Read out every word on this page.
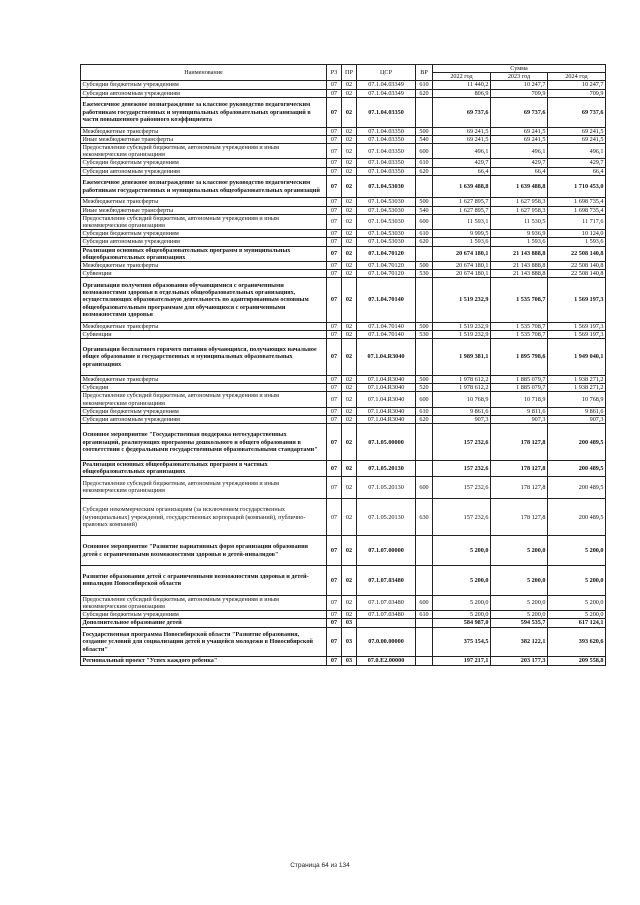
Наименование	РЗ	ПР	ЦСР	ВР	Сумма		
					2022 год	2023 год	2024 год
Субсидии бюджетным учреждениям	07	02	07.1.04.03349	610	11 440,2	10 247,7	10 247,7
Субсидии автономным учреждениям	07	02	07.1.04.03349	620	806,9	709,9	709,9
Ежемесячное денежное вознаграждение за классное руководство педагогическим работникам государственных и муниципальных образовательных организаций в части повышенного районного коэффициента	07	02	07.1.04.03350		69 737,6	69 737,6	69 737,6
Межбюджетные трансферты	07	02	07.1.04.03350	500	69 241,5	69 241,5	69 241,5
Иные межбюджетные трансферты	07	02	07.1.04.03350	540	69 241,5	69 241,5	69 241,5
Предоставление субсидий бюджетным, автономным учреждениям и иным некоммерческим организациям	07	02	07.1.04.03350	600	496,1	496,1	496,1
Субсидии бюджетным учреждениям	07	02	07.1.04.03350	610	429,7	429,7	429,7
Субсидии автономным учреждениям	07	02	07.1.04.03350	620	66,4	66,4	66,4
Ежемесячное денежное вознаграждение за классное руководство педагогическим работникам государственных и муниципальных общеобразовательных организаций	07	02	07.1.04.53030		1 639 488,8	1 639 488,8	1 710 453,0
Межбюджетные трансферты	07	02	07.1.04.53030	500	1 627 895,7	1 627 958,3	1 698 735,4
Иные межбюджетные трансферты	07	02	07.1.04.53030	540	1 627 895,7	1 627 958,3	1 698 735,4
Предоставление субсидий бюджетным, автономным учреждениям и иным некоммерческим организациям	07	02	07.1.04.53030	600	11 593,1	11 530,5	11 717,6
Субсидии бюджетным учреждениям	07	02	07.1.04.53030	610	9 999,5	9 936,9	10 124,0
Субсидии автономным учреждениям	07	02	07.1.04.53030	620	1 593,6	1 593,6	1 593,6
Реализация основных общеобразовательных программ в муниципальных общеобразовательных организациях	07	02	07.1.04.70120		20 674 180,1	21 143 888,8	22 508 140,8
Межбюджетные трансферты	07	02	07.1.04.70120	500	20 674 180,1	21 143 888,8	22 508 140,8
Субвенции	07	02	07.1.04.70120	530	20 674 180,1	21 143 888,8	22 508 140,8
Организация получения образования обучающимися с ограниченными возможностями здоровья в отдельных общеобразовательных организациях, осуществляющих образовательную деятельность по адаптированным основным общеобразовательным программам для обучающихся с ограниченными возможностями здоровья	07	02	07.1.04.70140		1 519 232,9	1 535 708,7	1 569 197,3
Межбюджетные трансферты	07	02	07.1.04.70140	500	1 519 232,9	1 535 708,7	1 569 197,3
Субвенции	07	02	07.1.04.70140	530	1 519 232,9	1 535 708,7	1 569 197,3
Организация бесплатного горячего питания обучающихся, получающих начальное общее образование в государственных и муниципальных образовательных организациях	07	02	07.1.04.R3040		1 989 381,1	1 895 798,6	1 949 040,1
Межбюджетные трансферты	07	02	07.1.04.R3040	500	1 978 612,2	1 885 079,7	1 938 271,2
Субсидии	07	02	07.1.04.R3040	520	1 978 612,2	1 885 079,7	1 938 271,2
Предоставление субсидий бюджетным, автономным учреждениям и иным некоммерческим организациям	07	02	07.1.04.R3040	600	10 768,9	10 718,9	10 768,9
Субсидии бюджетным учреждениям	07	02	07.1.04.R3040	610	9 861,6	9 811,6	9 861,6
Субсидии автономным учреждениям	07	02	07.1.04.R3040	620	907,3	907,3	907,3
Основное мероприятие "Государственная поддержка негосударственных организаций, реализующих программы дошкольного и общего образования в соответствии с федеральными государственными образовательными стандартами"	07	02	07.1.05.00000		157 232,6	178 127,8	200 489,5
Реализация основных общеобразовательных программ в частных общеобразовательных организациях	07	02	07.1.05.20130		157 232,6	178 127,8	200 489,5
Предоставление субсидий бюджетным, автономным учреждениям и иным некоммерческим организациям	07	02	07.1.05.20130	600	157 232,6	178 127,8	200 489,5
Субсидии некоммерческим организациям (за исключением государственных (муниципальных) учреждений, государственных корпораций (компаний), публично-правовых компаний)	07	02	07.1.05.20130	630	157 232,6	178 127,8	200 489,5
Основное мероприятие "Развитие вариативных форм организации образования детей с ограниченными возможностями здоровья и детей-инвалидов"	07	02	07.1.07.00000		5 200,0	5 200,0	5 200,0
Развитие образования детей с ограниченными возможностями здоровья и детей-инвалидов Новосибирской области	07	02	07.1.07.03480		5 200,0	5 200,0	5 200,0
Предоставление субсидий бюджетным, автономным учреждениям и иным некоммерческим организациям	07	02	07.1.07.03480	600	5 200,0	5 200,0	5 200,0
Субсидии бюджетным учреждениям	07	02	07.1.07.03480	610	5 200,0	5 200,0	5 200,0
Дополнительное образование детей	07	03			584 987,0	594 535,7	617 124,1
Государственная программа Новосибирской области "Развитие образования, создание условий для социализации детей и учащейся молодежи в Новосибирской области"	07	03	07.0.00.00000		375 154,5	382 122,1	393 620,6
Региональный проект "Успех каждого ребенка"	07	03	07.0.E2.00000		197 217,1	203 177,3	209 558,8
Страница 64 из 134
